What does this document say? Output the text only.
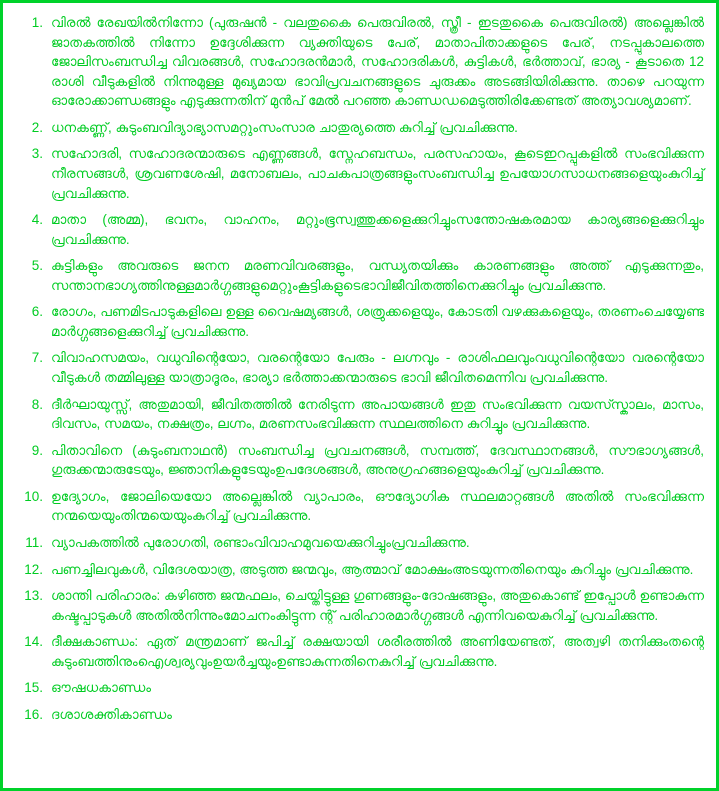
1. വിരൽ രേഖയിൽനിന്നോ (പുരുഷൻ - വലതുകൈ പെരുവിരൽ, സ്ത്രീ - ഇടതുകൈ പെരുവിരൽ) അല്ലെങ്കിൽ ജാതകത്തിൽ നിന്നോ ഉദ്ദേശിക്കുന്ന വ്യക്തിയുടെ പേര്, മാതാപിതാക്കളുടെ പേര്, നടപ്പുകാലത്തെ ജോലിസംബന്ധിച്ച വിവരങ്ങൾ, സഹോദരൻമാർ, സഹോദരികൾ, കുട്ടികൾ, ഭർത്താവ്, ഭാര്യ - കൂടാതെ 12 രാശി വീടുകളിൽ നിന്നുമുള്ള മുഖ്യമായ ഭാവിപ്രവചനങ്ങളുടെ ചുരുക്കം അടങ്ങിയിരിക്കുന്നു. താഴെ പറയുന്ന ഓരോക്കാണ്ഡങ്ങളും എടുക്കുന്നതിന് മുൻപ് മേൽ പറഞ്ഞ കാണ്ഡഡമെടുത്തിരിക്കേണ്ടത് അത്യാവശ്യമാണ്.
2. ധനകണ്ണ്, കുടുംബവിദ്യാഭ്യാസമറ്റുംസംസാര ചാതുര്യത്തെ കുറിച്ച് പ്രവചിക്കുന്നു.
3. സഹോദരി, സഹോദരന്മാരുടെ എണ്ണങ്ങൾ, സ്നേഹബന്ധം, പരസഹായം, കൂടെഇറപ്പുകളിൽ സംഭവിക്കുന്ന നീരസങ്ങൾ, ശ്രവണശേഷി, മനോബലം, പാചകപാത്രങ്ങളുംസംബന്ധിച്ച ഉപയോഗസാധനങ്ങളെയുംകുറിച്ച് പ്രവചിക്കുന്നു.
4. മാതാ (അമ്മ), ഭവനം, വാഹനം, മറ്റുംഭൂസ്വത്തുക്കളെക്കുറിച്ചുംസന്തോഷകരമായ കാര്യങ്ങളെക്കുറിച്ചും പ്രവചിക്കുന്നു.
5. കുട്ടികളും അവരുടെ ജനന മരണവിവരങ്ങളും, വന്ധ്യതയിക്കും കാരണങ്ങളും അത്ത് എടുക്കുന്നതും, സന്താനഭാഗ്യത്തിനുള്ളമാർഗ്ഗങ്ങളുമെറ്റുംകൂട്ടികളുടെഭാവിജീവിതത്തിനെക്കുറിച്ചും പ്രവചിക്കുന്നു.
6. രോഗം, പണമിടപാടുകളിലെ ഉള്ള വൈഷമ്യങ്ങൾ, ശത്രുക്കളെയും, കോടതി വഴക്കുകളെയും, തരണംചെയ്യേണ്ട മാർഗ്ഗങ്ങളെക്കുറിച്ച് പ്രവചിക്കുന്നു.
7. വിവാഹസമയം, വധുവിന്റെയോ, വരന്റെയോ പേരും - ലഗ്നവും - രാശിഫലവുംവധുവിന്റെയോ വരന്റെയോ വീടുകൾ തമ്മിലുള്ള യാത്രാദൂരം, ഭാര്യാ ഭർത്താക്കന്മാരുടെ ഭാവി ജീവിതമെന്നിവ പ്രവചിക്കുന്നു.
8. ദീർഘായുസ്സ്, അതുമായി, ജീവിതത്തിൽ നേരിടുന്ന അപായങ്ങൾ ഇതു സംഭവിക്കുന്ന വയസ്സ്കാലം, മാസം, ദിവസം, സമയം, നക്ഷത്രം, ലഗ്നം, മരണസംഭവിക്കുന്ന സ്ഥലത്തിനെ കുറിച്ചും പ്രവചിക്കുന്നു.
9. പിതാവിനെ (കുടുംബനാഥൻ) സംബന്ധിച്ച പ്രവചനങ്ങൾ, സമ്പത്ത്, ദേവസ്ഥാനങ്ങൾ, സൗഭാഗ്യങ്ങൾ, ഗുരുക്കന്മാരുടേയും, ജ്ഞാനികളുടേയുംഉപദേശങ്ങൾ, അനുഗ്രഹങ്ങളെയുംകുറിച്ച് പ്രവചിക്കുന്നു.
10. ഉദ്യോഗം, ജോലിയെയോ അല്ലെങ്കിൽ വ്യാപാരം, ഔദ്യോഗിക സ്ഥലമാറ്റങ്ങൾ അതിൽ സംഭവിക്കുന്ന നന്മയെയുംതിന്മയെയുംകുറിച്ച് പ്രവചിക്കുന്നു.
11. വ്യാപകത്തിൽ പുരോഗതി, രണ്ടാംവിവാഹമുവയെക്കുറിച്ചുംപ്രവചിക്കുന്നു.
12. പണച്ചിലവുകൾ, വിദേശയാത്ര, അടുത്ത ജന്മവും, ആത്മാവ് മോക്ഷംഅടയുന്നതിനെയും കുറിച്ചും പ്രവചിക്കുന്നു.
13. ശാന്തി പരിഹാരം: കഴിഞ്ഞ ജന്മഫലം, ചെയ്തിട്ടുള്ള ഗുണങ്ങളും-ദോഷങ്ങളും, അതുകൊണ്ട് ഇപ്പോൾ ഉണ്ടാകുന്ന കഷ്ടപ്പാടുകൾ അതിൽനിന്നുംമോചനംകിട്ടുന്ന ന്റ് പരിഹാരമാർഗ്ഗങ്ങൾ എന്നിവയെകുറിച്ച് പ്രവചിക്കുന്നു.
14. ദീക്ഷകാണ്ഡം: ഏത് മന്ത്രമാണ് ജപിച്ച് രക്ഷയായി ശരീരത്തിൽ അണിയേണ്ടത്, അത്വഴി തനിക്കുംതന്റെ കുടുംബത്തിനുംഐശ്വര്യവുംഉയർച്ചയുംഉണ്ടാകുന്നതിനെകുറിച്ച് പ്രവചിക്കുന്നു.
15. ഔഷധകാണ്ഡം
16. ദശാശക്തികാണ്ഡം
